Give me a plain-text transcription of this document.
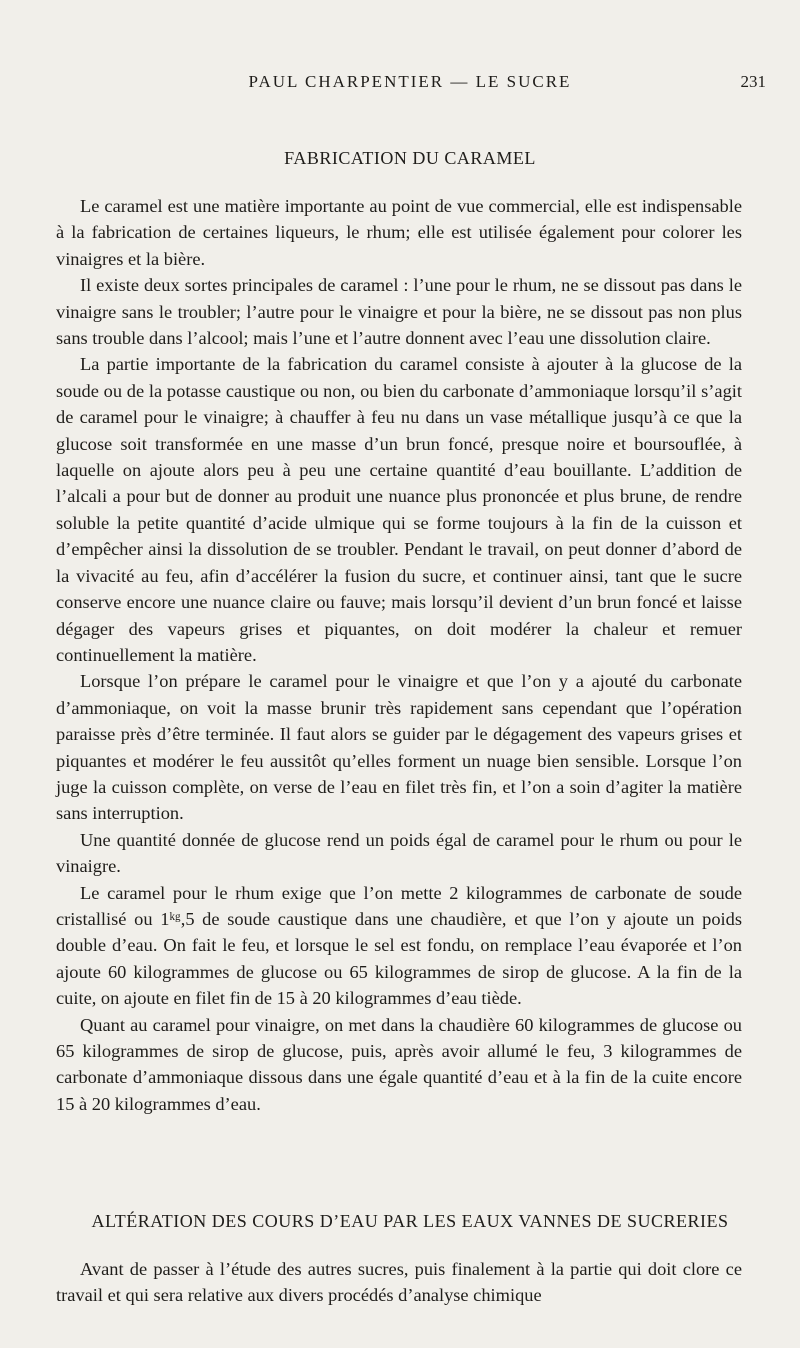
PAUL CHARPENTIER — LE SUCRE	231
FABRICATION DU CARAMEL

Le caramel est une matière importante au point de vue commercial, elle est indispensable à la fabrication de certaines liqueurs, le rhum; elle est utilisée également pour colorer les vinaigres et la bière.

Il existe deux sortes principales de caramel : l’une pour le rhum, ne se dissout pas dans le vinaigre sans le troubler; l’autre pour le vinaigre et pour la bière, ne se dissout pas non plus sans trouble dans l’alcool; mais l’une et l’autre donnent avec l’eau une dissolution claire.

La partie importante de la fabrication du caramel consiste à ajouter à la glucose de la soude ou de la potasse caustique ou non, ou bien du carbonate d’ammoniaque lorsqu’il s’agit de caramel pour le vinaigre; à chauffer à feu nu dans un vase métallique jusqu’à ce que la glucose soit transformée en une masse d’un brun foncé, presque noire et boursouflée, à laquelle on ajoute alors peu à peu une certaine quantité d’eau bouillante. L’addition de l’alcali a pour but de donner au produit une nuance plus prononcée et plus brune, de rendre soluble la petite quantité d’acide ulmique qui se forme toujours à la fin de la cuisson et d’empêcher ainsi la dissolution de se troubler. Pendant le travail, on peut donner d’abord de la vivacité au feu, afin d’accélérer la fusion du sucre, et continuer ainsi, tant que le sucre conserve encore une nuance claire ou fauve; mais lorsqu’il devient d’un brun foncé et laisse dégager des vapeurs grises et piquantes, on doit modérer la chaleur et remuer continuellement la matière.

Lorsque l’on prépare le caramel pour le vinaigre et que l’on y a ajouté du carbonate d’ammoniaque, on voit la masse brunir très rapidement sans cependant que l’opération paraisse près d’être terminée. Il faut alors se guider par le dégagement des vapeurs grises et piquantes et modérer le feu aussitôt qu’elles forment un nuage bien sensible. Lorsque l’on juge la cuisson complète, on verse de l’eau en filet très fin, et l’on a soin d’agiter la matière sans interruption.

Une quantité donnée de glucose rend un poids égal de caramel pour le rhum ou pour le vinaigre.

Le caramel pour le rhum exige que l’on mette 2 kilogrammes de carbonate de soude cristallisé ou 1ᵏᵍ,5 de soude caustique dans une chaudière, et que l’on y ajoute un poids double d’eau. On fait le feu, et lorsque le sel est fondu, on remplace l’eau évaporée et l’on ajoute 60 kilogrammes de glucose ou 65 kilogrammes de sirop de glucose. A la fin de la cuite, on ajoute en filet fin de 15 à 20 kilogrammes d’eau tiède.

Quant au caramel pour vinaigre, on met dans la chaudière 60 kilogrammes de glucose ou 65 kilogrammes de sirop de glucose, puis, après avoir allumé le feu, 3 kilogrammes de carbonate d’ammoniaque dissous dans une égale quantité d’eau et à la fin de la cuite encore 15 à 20 kilogrammes d’eau.

ALTÉRATION DES COURS D’EAU PAR LES EAUX VANNES DE SUCRERIES

Avant de passer à l’étude des autres sucres, puis finalement à la partie qui doit clore ce travail et qui sera relative aux divers procédés d’analyse chimique
